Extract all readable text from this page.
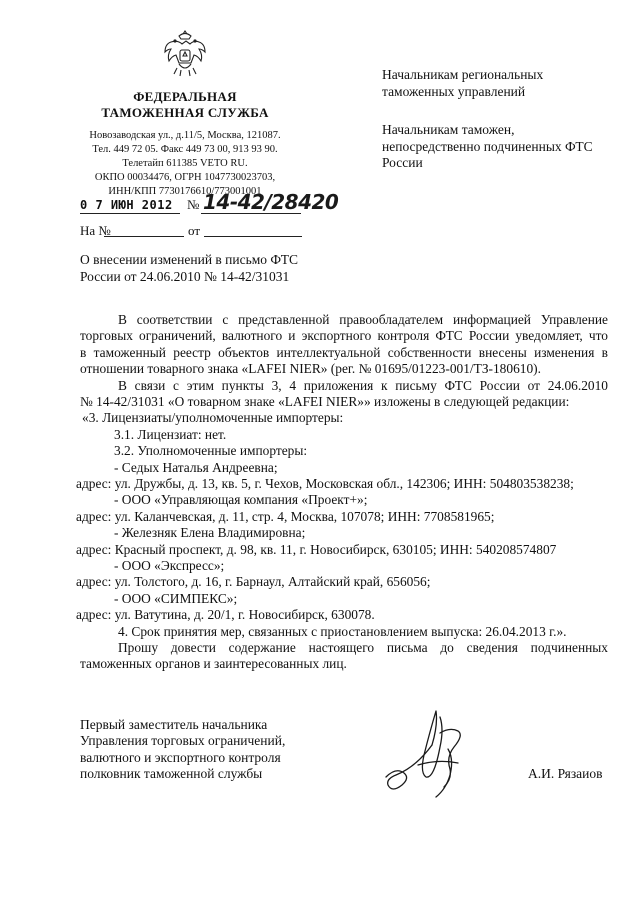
ФЕДЕРАЛЬНАЯ
ТАМОЖЕННАЯ СЛУЖБА
Новозаводская ул., д.11/5, Москва, 121087.
Тел. 449 72 05. Факс 449 73 00, 913 93 90.
Телетайп 611385 VETO RU.
ОКПО 00034476, ОГРН 1047730023703,
ИНН/КПП 7730176610/773001001
0 7 ИЮН 2012	№ 14-42/28420
На №	от
Начальникам региональных
таможенных управлений
Начальникам таможен,
непосредственно подчиненных ФТС
России
О внесении изменений в письмо ФТС
России от 24.06.2010 № 14-42/31031
В соответствии с представленной правообладателем информацией Управление
торговых ограничений, валютного и экспортного контроля ФТС России уведомляет, что
в таможенный реестр объектов интеллектуальной собственности внесены изменения в
отношении товарного знака «LAFEI NIER» (рег. № 01695/01223-001/ТЗ-180610).
В связи с этим пункты 3, 4 приложения к письму ФТС России от 24.06.2010
№ 14-42/31031 «О товарном знаке «LAFEI NIER»» изложены в следующей редакции:
«3. Лицензиаты/уполномоченные импортеры:
3.1. Лицензиат: нет.
3.2. Уполномоченные импортеры:
- Седых Наталья Андреевна;
адрес: ул. Дружбы, д. 13, кв. 5, г. Чехов, Московская обл., 142306; ИНН: 504803538238;
- ООО «Управляющая компания «Проект+»;
адрес: ул. Каланчевская, д. 11, стр. 4, Москва, 107078; ИНН: 7708581965;
- Железняк Елена Владимировна;
адрес: Красный проспект, д. 98, кв. 11, г. Новосибирск, 630105; ИНН: 540208574807
- ООО «Экспресс»;
адрес: ул. Толстого, д. 16, г. Барнаул, Алтайский край, 656056;
- ООО «СИМПЕКС»;
адрес: ул. Ватутина, д. 20/1, г. Новосибирск, 630078.
4. Срок принятия мер, связанных с приостановлением выпуска: 26.04.2013 г.».
Прошу довести содержание настоящего письма до сведения подчиненных
таможенных органов и заинтересованных лиц.
Первый заместитель начальника
Управления торговых ограничений,
валютного и экспортного контроля
полковник таможенной службы	А.И. Рязаиов
